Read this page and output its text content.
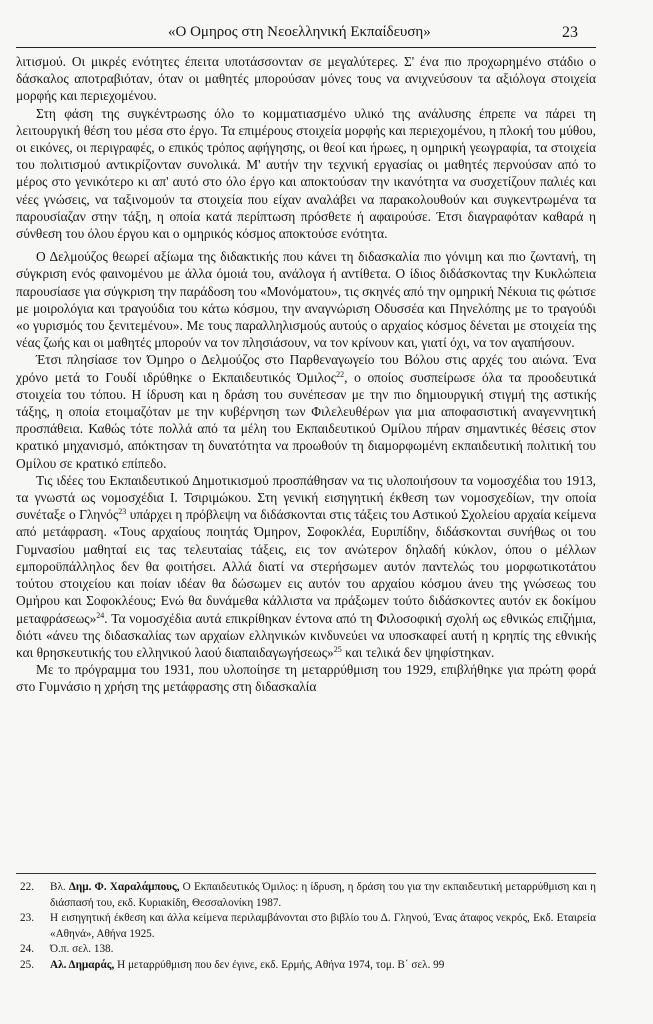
«Ο Ομηρος στη Νεοελληνική Εκπαίδευση»	23

λιτισμού. Οι μικρές ενότητες έπειτα υποτάσσονταν σε μεγαλύτερες. Σ' ένα πιο προχωρημένο στάδιο ο δάσκαλος αποτραβιόταν, όταν οι μαθητές μπορούσαν μόνες τους να ανιχνεύσουν τα αξιόλογα στοιχεία μορφής και περιεχομένου.

Στη φάση της συγκέντρωσης όλο το κομματιασμένο υλικό της ανάλυσης έπρεπε να πάρει τη λειτουργική θέση του μέσα στο έργο. Τα επιμέρους στοιχεία μορφής και περιεχομένου, η πλοκή του μύθου, οι εικόνες, οι περιγραφές, ο επικός τρόπος αφήγησης, οι θεοί και ήρωες, η ομηρική γεωγραφία, τα στοιχεία του πολιτισμού αντικρίζονταν συνολικά. Μ' αυτήν την τεχνική εργασίας οι μαθητές περνούσαν από το μέρος στο γενικότερο κι απ' αυτό στο όλο έργο και αποκτούσαν την ικανότητα να συσχετίζουν παλιές και νέες γνώσεις, να ταξινομούν τα στοιχεία που είχαν αναλάβει να παρακολουθούν και συγκεντρωμένα τα παρουσίαζαν στην τάξη, η οποία κατά περίπτωση πρόσθετε ή αφαιρούσε. Έτσι διαγραφόταν καθαρά η σύνθεση του όλου έργου και ο ομηρικός κόσμος αποκτούσε ενότητα.

Ο Δελμούζος θεωρεί αξίωμα της διδακτικής που κάνει τη διδασκαλία πιο γόνιμη και πιο ζωντανή, τη σύγκριση ενός φαινομένου με άλλα όμοιά του, ανάλογα ή αντίθετα. Ο ίδιος διδάσκοντας την Κυκλώπεια παρουσίασε για σύγκριση την παράδοση του «Μονόματου», τις σκηνές από την ομηρική Νέκυια τις φώτισε με μοιρολόγια και τραγούδια του κάτω κόσμου, την αναγνώριση Οδυσσέα και Πηνελόπης με το τραγούδι «ο γυρισμός του ξενιτεμένου». Με τους παραλληλισμούς αυτούς ο αρχαίος κόσμος δένεται με στοιχεία της νέας ζωής και οι μαθητές μπορούν να τον πλησιάσουν, να τον κρίνουν και, γιατί όχι, να τον αγαπήσουν.

Έτσι πλησίασε τον Όμηρο ο Δελμούζος στο Παρθεναγωγείο του Βόλου στις αρχές του αιώνα. Ένα χρόνο μετά το Γουδί ιδρύθηκε ο Εκπαιδευτικός Όμιλος$^{22}$, ο οποίος συσπείρωσε όλα τα προοδευτικά στοιχεία του τόπου. Η ίδρυση και η δράση του συνέπεσαν με την πιο δημιουργική στιγμή της αστικής τάξης, η οποία ετοιμαζόταν με την κυβέρνηση των Φιλελευθέρων για μια αποφασιστική αναγεννητική προσπάθεια. Καθώς τότε πολλά από τα μέλη του Εκπαιδευτικού Ομίλου πήραν σημαντικές θέσεις στον κρατικό μηχανισμό, απόκτησαν τη δυνατότητα να προωθούν τη διαμορφωμένη εκπαιδευτική πολιτική του Ομίλου σε κρατικό επίπεδο.

Τις ιδέες του Εκπαιδευτικού Δημοτικισμού προσπάθησαν να τις υλοποιήσουν τα νομοσχέδια του 1913, τα γνωστά ως νομοσχέδια Ι. Τσιριμώκου. Στη γενική εισηγητική έκθεση των νομοσχεδίων, την οποία συνέταξε ο Γληνός$^{23}$ υπάρχει η πρόβλεψη να διδάσκονται στις τάξεις του Αστικού Σχολείου αρχαία κείμενα από μετάφραση. «Τους αρχαίους ποιητάς Όμηρον, Σοφοκλέα, Ευριπίδην, διδάσκονται συνήθως οι του Γυμνασίου μαθηταί εις τας τελευταίας τάξεις, εις τον ανώτερον δηλαδή κύκλον, όπου ο μέλλων εμποροϋπάλληλος δεν θα φοιτήσει. Αλλά διατί να στερήσωμεν αυτόν παντελώς του μορφωτικοτάτου τούτου στοιχείου και ποίαν ιδέαν θα δώσωμεν εις αυτόν του αρχαίου κόσμου άνευ της γνώσεως του Ομήρου και Σοφοκλέους; Ενώ θα δυνάμεθα κάλλιστα να πράξωμεν τούτο διδάσκοντες αυτόν εκ δοκίμου μεταφράσεως»$^{24}$. Τα νομοσχέδια αυτά επικρίθηκαν έντονα από τη Φιλοσοφική σχολή ως εθνικώς επιζήμια, διότι «άνευ της διδασκαλίας των αρχαίων ελληνικών κινδυνεύει να υποσκαφεί αυτή η κρηπίς της εθνικής και θρησκευτικής του ελληνικού λαού διαπαιδαγωγήσεως»$^{25}$ και τελικά δεν ψηφίστηκαν.

Με το πρόγραμμα του 1931, που υλοποίησε τη μεταρρύθμιση του 1929, επιβλήθηκε για πρώτη φορά στο Γυμνάσιο η χρήση της μετάφρασης στη διδασκαλία

22. Βλ. Δημ. Φ. Χαραλάμπους, Ο Εκπαιδευτικός Όμιλος: η ίδρυση, η δράση του για την εκπαιδευτική μεταρρύθμιση και η διάσπασή του, εκδ. Κυριακίδη, Θεσσαλονίκη 1987.
23. Η εισηγητική έκθεση και άλλα κείμενα περιλαμβάνονται στο βιβλίο του Δ. Γληνού, Ένας άταφος νεκρός, Εκδ. Εταιρεία «Αθηνά», Αθήνα 1925.
24. Ό.π. σελ. 138.
25. Αλ. Δημαράς, Η μεταρρύθμιση που δεν έγινε, εκδ. Ερμής, Αθήνα 1974, τομ. Β΄ σελ. 99
